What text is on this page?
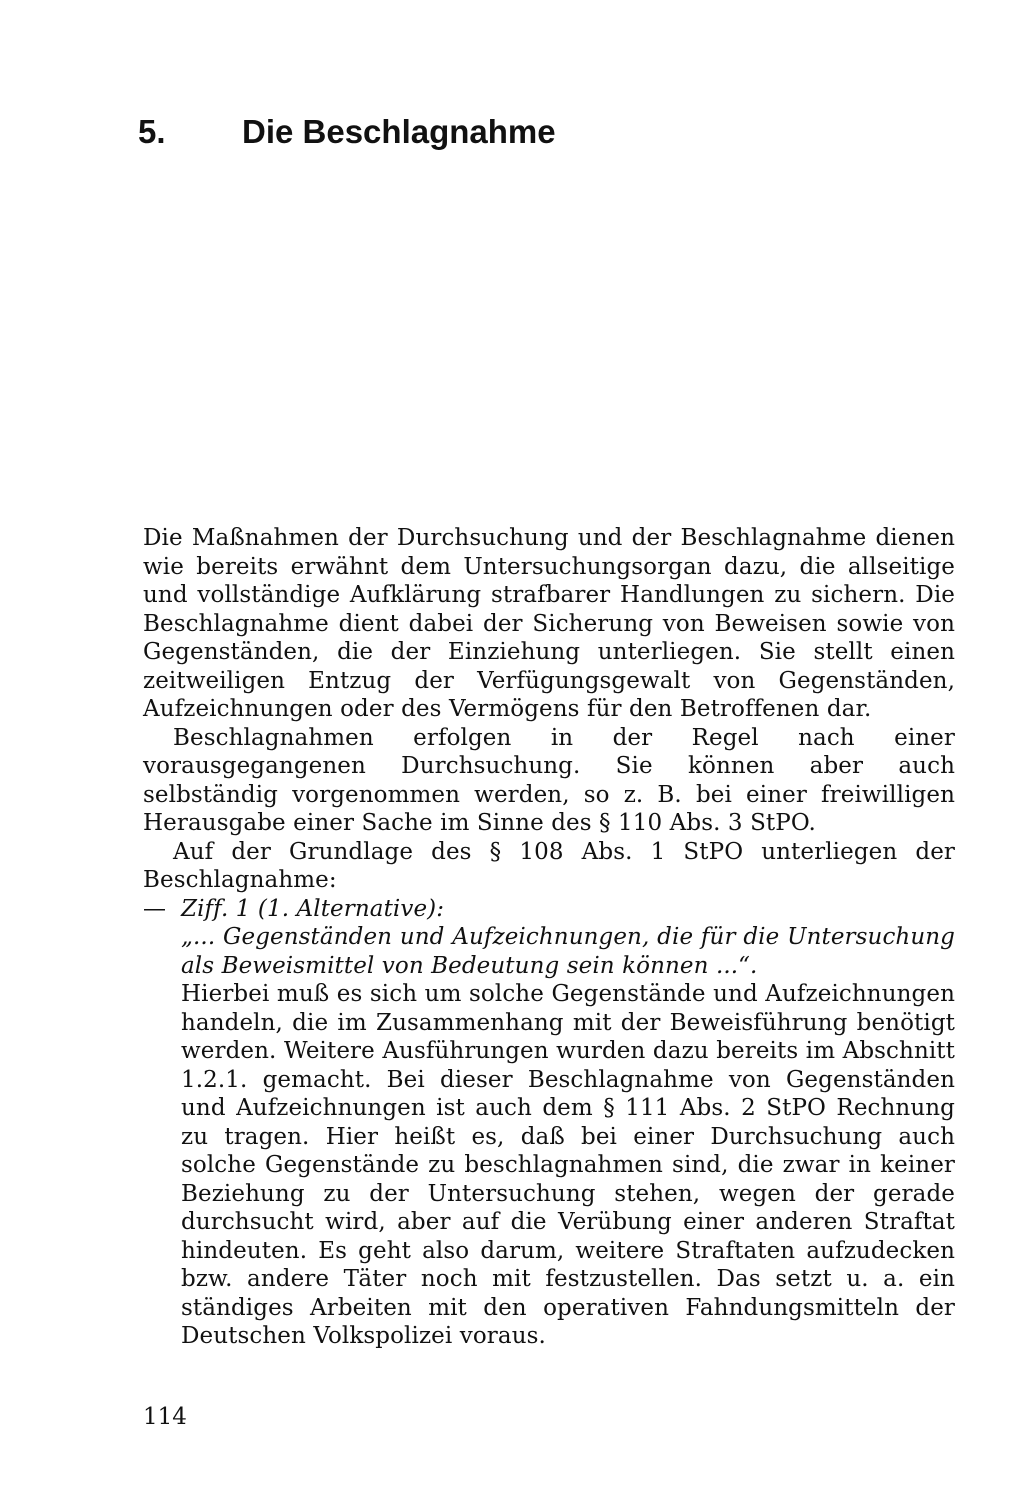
5. Die Beschlagnahme

Die Maßnahmen der Durchsuchung und der Beschlagnahme dienen wie bereits erwähnt dem Untersuchungsorgan dazu, die allseitige und vollständige Aufklärung strafbarer Handlungen zu sichern. Die Beschlagnahme dient dabei der Sicherung von Beweisen sowie von Gegenständen, die der Einziehung unterliegen. Sie stellt einen zeitweiligen Entzug der Verfügungsgewalt von Gegenständen, Aufzeichnungen oder des Vermögens für den Betroffenen dar.

Beschlagnahmen erfolgen in der Regel nach einer vorausgegangenen Durchsuchung. Sie können aber auch selbständig vorgenommen werden, so z. B. bei einer freiwilligen Herausgabe einer Sache im Sinne des § 110 Abs. 3 StPO.

Auf der Grundlage des § 108 Abs. 1 StPO unterliegen der Beschlagnahme:

— Ziff. 1 (1. Alternative):

„... Gegenständen und Aufzeichnungen, die für die Untersuchung als Beweismittel von Bedeutung sein können ...“.

Hierbei muß es sich um solche Gegenstände und Aufzeichnungen handeln, die im Zusammenhang mit der Beweisführung benötigt werden. Weitere Ausführungen wurden dazu bereits im Abschnitt 1.2.1. gemacht. Bei dieser Beschlagnahme von Gegenständen und Aufzeichnungen ist auch dem § 111 Abs. 2 StPO Rechnung zu tragen. Hier heißt es, daß bei einer Durchsuchung auch solche Gegenstände zu beschlagnahmen sind, die zwar in keiner Beziehung zu der Untersuchung stehen, wegen der gerade durchsucht wird, aber auf die Verübung einer anderen Straftat hindeuten. Es geht also darum, weitere Straftaten aufzudecken bzw. andere Täter noch mit festzustellen. Das setzt u. a. ein ständiges Arbeiten mit den operativen Fahndungsmitteln der Deutschen Volkspolizei voraus.

114
